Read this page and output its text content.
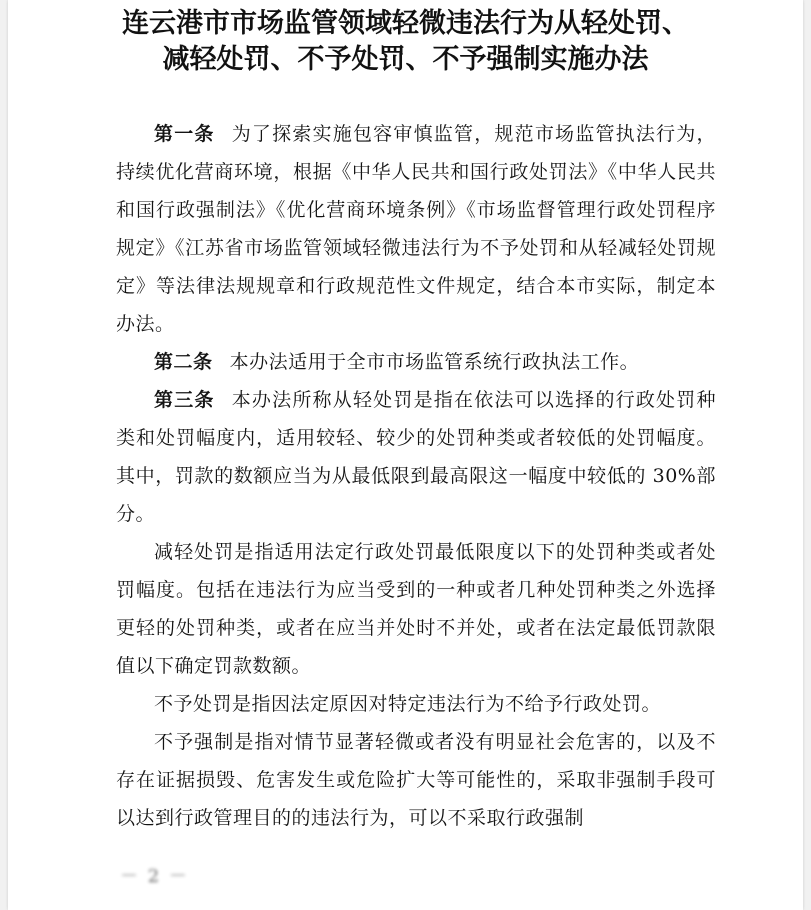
连云港市市场监管领域轻微违法行为从轻处罚、
减轻处罚、不予处罚、不予强制实施办法

第一条 为了探索实施包容审慎监管，规范市场监管执法行为，持续优化营商环境，根据《中华人民共和国行政处罚法》《中华人民共和国行政强制法》《优化营商环境条例》《市场监督管理行政处罚程序规定》《江苏省市场监管领域轻微违法行为不予处罚和从轻减轻处罚规定》等法律法规规章和行政规范性文件规定，结合本市实际，制定本办法。

第二条 本办法适用于全市市场监管系统行政执法工作。

第三条 本办法所称从轻处罚是指在依法可以选择的行政处罚种类和处罚幅度内，适用较轻、较少的处罚种类或者较低的处罚幅度。其中，罚款的数额应当为从最低限到最高限这一幅度中较低的 30%部分。

减轻处罚是指适用法定行政处罚最低限度以下的处罚种类或者处罚幅度。包括在违法行为应当受到的一种或者几种处罚种类之外选择更轻的处罚种类，或者在应当并处时不并处，或者在法定最低罚款限值以下确定罚款数额。

不予处罚是指因法定原因对特定违法行为不给予行政处罚。

不予强制是指对情节显著轻微或者没有明显社会危害的，以及不存在证据损毁、危害发生或危险扩大等可能性的，采取非强制手段可以达到行政管理目的的违法行为，可以不采取行政强制

－ 2 －
